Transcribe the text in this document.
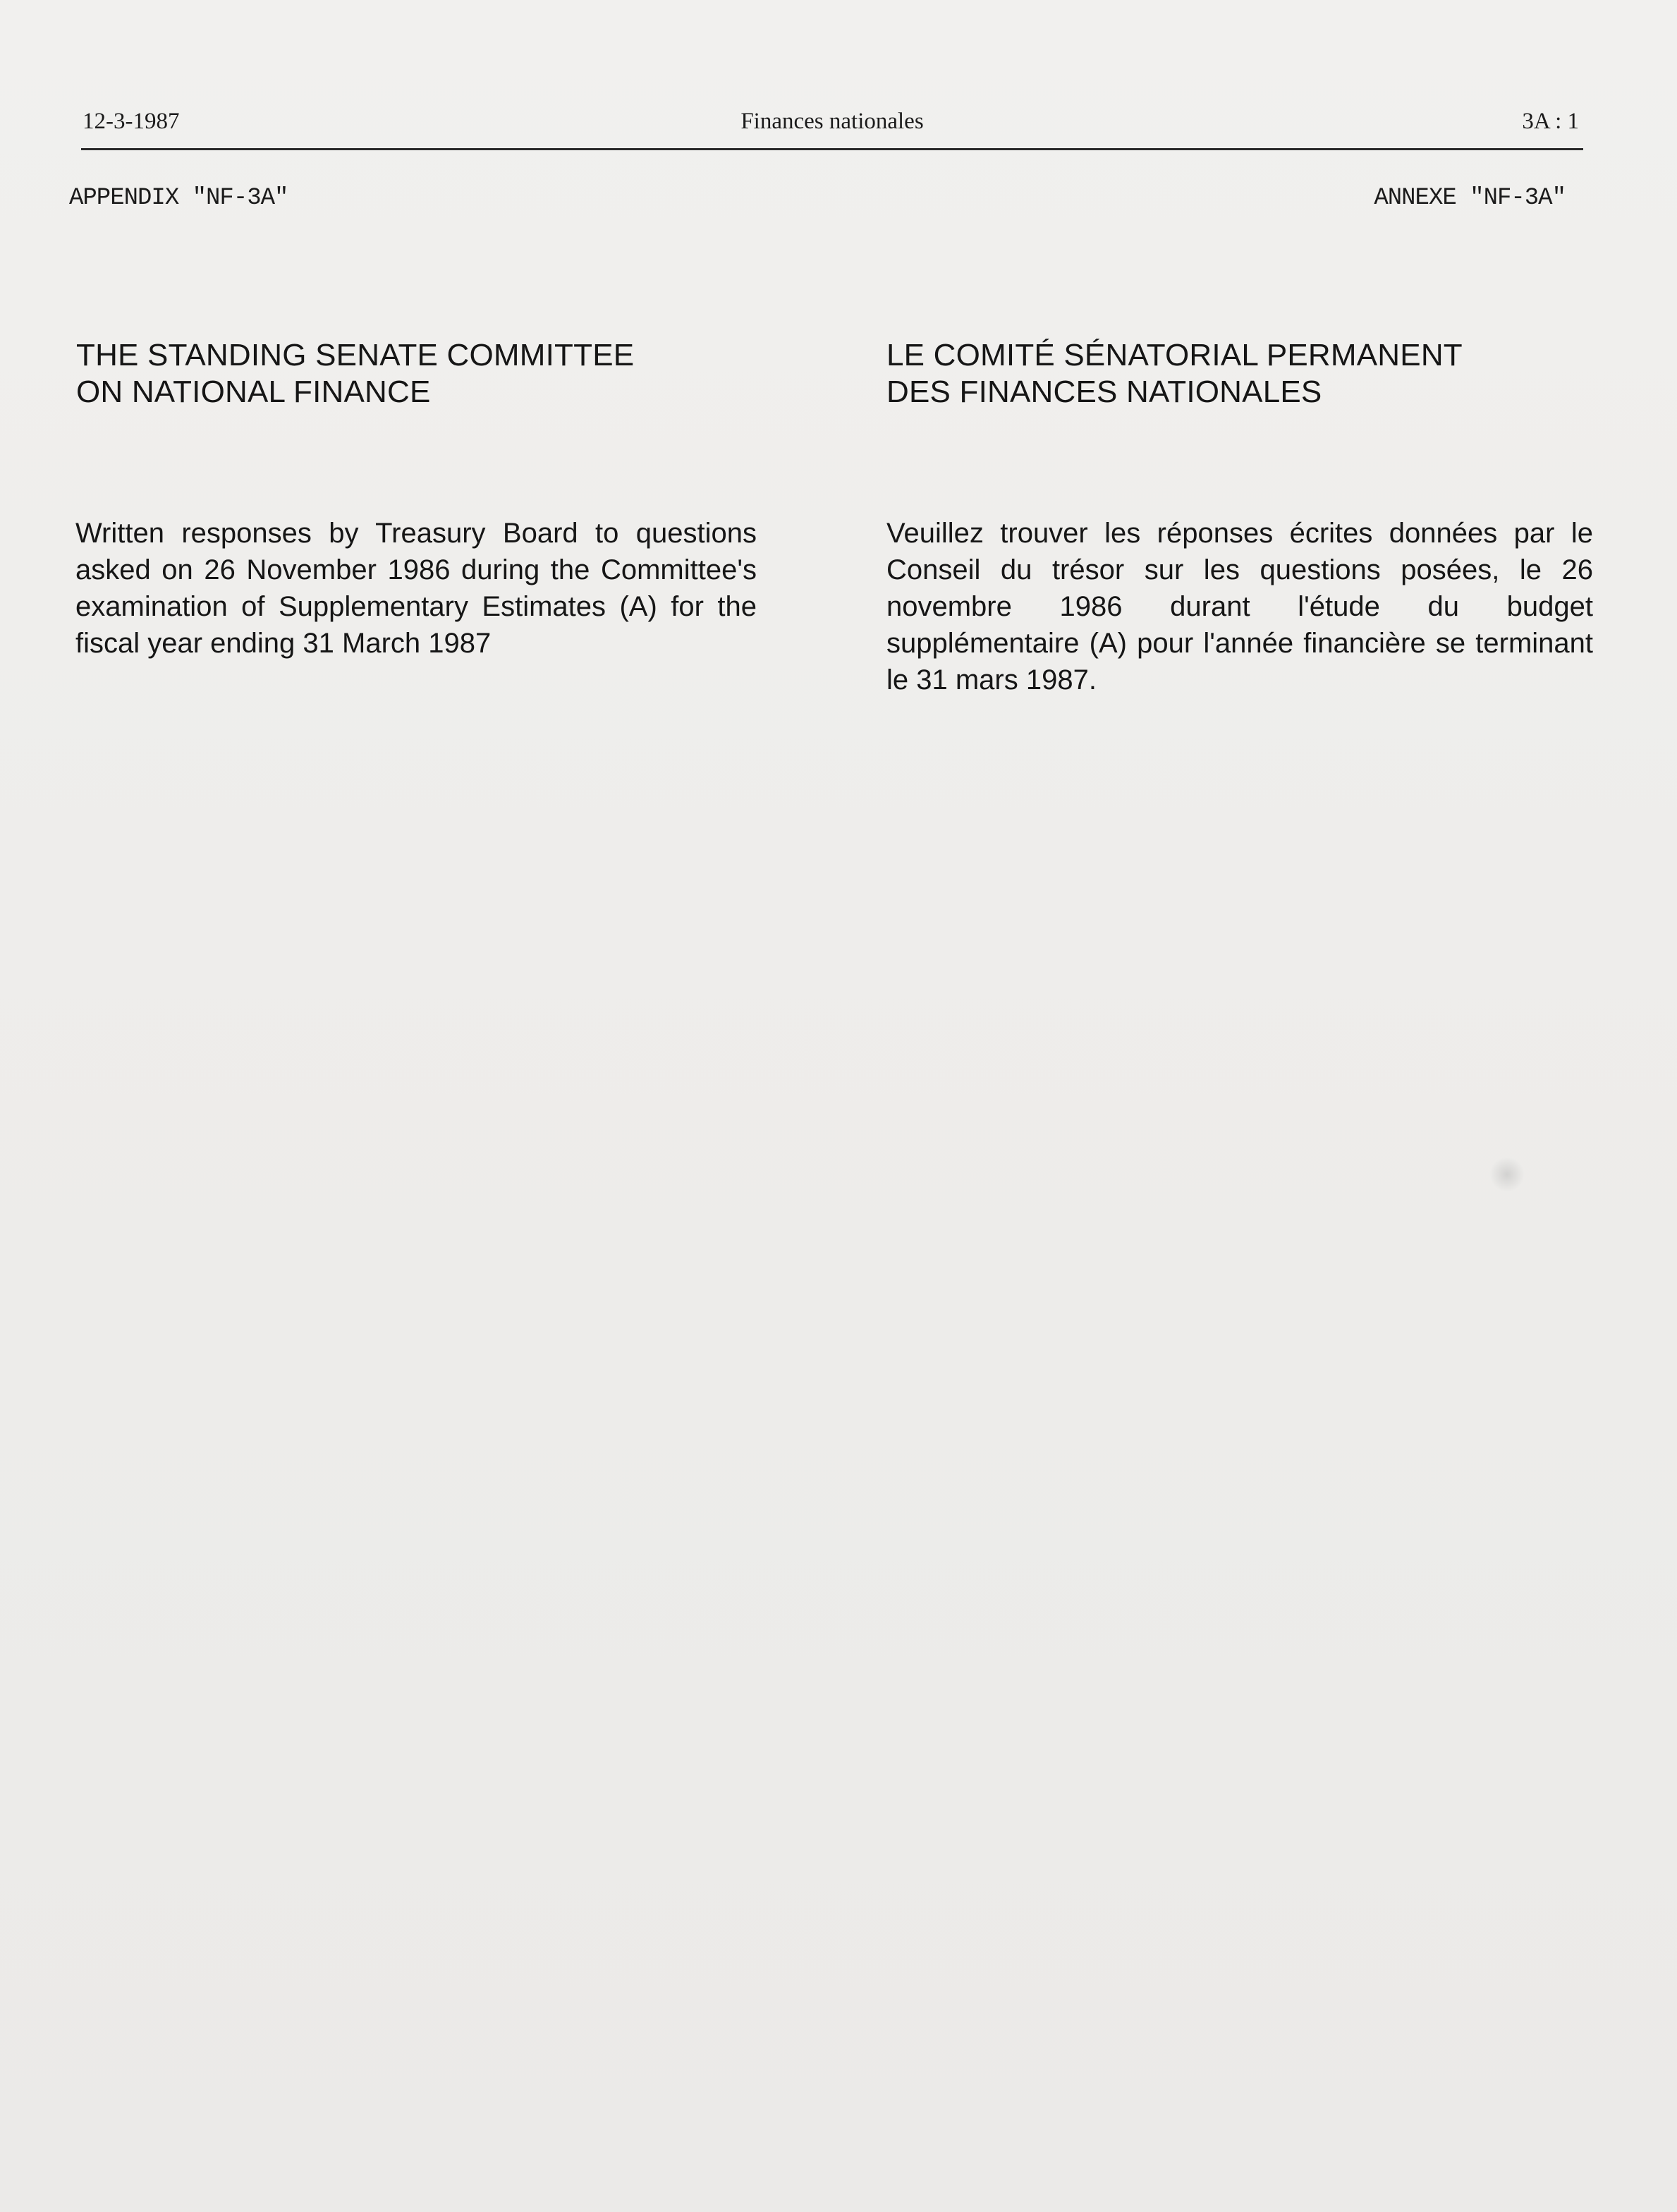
12-3-1987	Finances nationales	3A : 1
APPENDIX "NF-3A"	ANNEXE "NF-3A"
THE STANDING SENATE COMMITTEE
ON NATIONAL FINANCE
LE COMITÉ SÉNATORIAL PERMANENT
DES FINANCES NATIONALES

Written responses by Treasury Board to questions asked on 26 November 1986 during the Committee's examination of Supplementary Estimates (A) for the fiscal year ending 31 March 1987

Veuillez trouver les réponses écrites données par le Conseil du trésor sur les questions posées, le 26 novembre 1986 durant l'étude du budget supplémentaire (A) pour l'année financière se terminant le 31 mars 1987.
